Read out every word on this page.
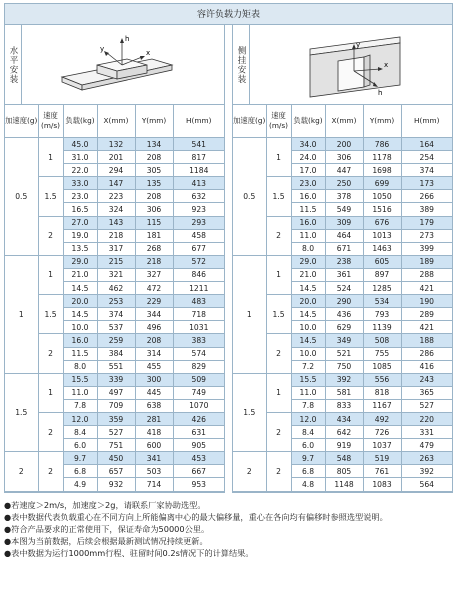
容许负载力矩表
水平安装
h
x
y
加速度(g)	速度(m/s)	负载(kg)	X(mm)	Y(mm)	H(mm)
0.5	1	45.0	132	134	541
		31.0	201	208	817
		22.0	294	305	1184
	1.5	33.0	147	135	413
		23.0	223	208	632
		16.5	324	306	923
	2	27.0	143	115	293
		19.0	218	181	458
		13.5	317	268	677
1	1	29.0	215	218	572
		21.0	321	327	846
		14.5	462	472	1211
	1.5	20.0	253	229	483
		14.5	374	344	718
		10.0	537	496	1031
	2	16.0	259	208	383
		11.5	384	314	574
		8.0	551	455	829
1.5	1	15.5	339	300	509
		11.0	497	445	749
		7.8	709	638	1070
	2	12.0	359	281	426
		8.4	527	418	631
		6.0	751	600	905
2	2	9.7	450	341	453
		6.8	657	503	667
		4.9	932	714	953
侧挂安装
y
x
h
加速度(g)	速度(m/s)	负载(kg)	X(mm)	Y(mm)	H(mm)
0.5	1	34.0	200	786	164
		24.0	306	1178	254
		17.0	447	1698	374
	1.5	23.0	250	699	173
		16.0	378	1050	266
		11.5	549	1516	389
	2	16.0	309	676	179
		11.0	464	1013	273
		8.0	671	1463	399
1	1	29.0	238	605	189
		21.0	361	897	288
		14.5	524	1285	421
	1.5	20.0	290	534	190
		14.5	436	793	289
		10.0	629	1139	421
	2	14.5	349	508	188
		10.0	521	755	286
		7.2	750	1085	416
1.5	1	15.5	392	556	243
		11.0	581	818	365
		7.8	833	1167	527
	2	12.0	434	492	220
		8.4	642	726	331
		6.0	919	1037	479
2	2	9.7	548	519	263
		6.8	805	761	392
		4.8	1148	1083	564
●若速度＞2m/s，加速度＞2g，请联系厂家协助选型。
●表中数据代表负载重心在不同方向上所能偏离中心的最大偏移量，重心在各向均有偏移时参照选型说明。
●符合产品要求的正常使用下，保证寿命为50000公里。
●本图为当前数据，后续会根据最新测试情况持续更新。
●表中数据为运行1000mm行程、驻留时间0.2s情况下的计算结果。
